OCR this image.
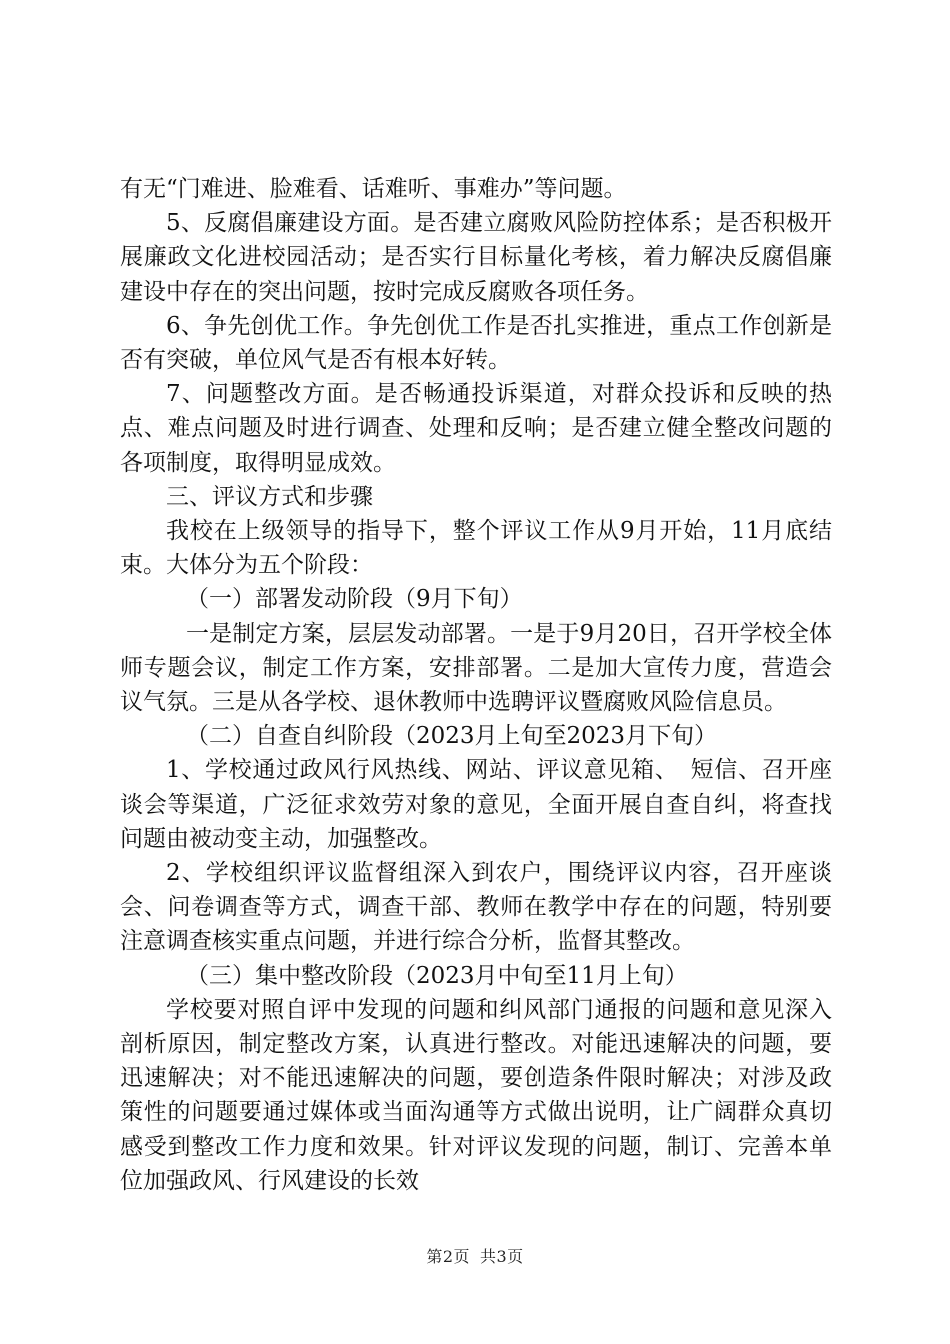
有无“门难进、脸难看、话难听、事难办”等问题。

5、反腐倡廉建设方面。是否建立腐败风险防控体系；是否积极开展廉政文化进校园活动；是否实行目标量化考核，着力解决反腐倡廉建设中存在的突出问题，按时完成反腐败各项任务。

6、争先创优工作。争先创优工作是否扎实推进，重点工作创新是否有突破，单位风气是否有根本好转。

7、问题整改方面。是否畅通投诉渠道，对群众投诉和反映的热点、难点问题及时进行调查、处理和反响；是否建立健全整改问题的各项制度，取得明显成效。

三、评议方式和步骤

我校在上级领导的指导下，整个评议工作从9月开始，11月底结束。大体分为五个阶段：

（一）部署发动阶段（9月下旬）

一是制定方案，层层发动部署。一是于9月20日，召开学校全体师专题会议，制定工作方案，安排部署。二是加大宣传力度，营造会议气氛。三是从各学校、退休教师中选聘评议暨腐败风险信息员。

（二）自查自纠阶段（2023月上旬至2023月下旬）

1、学校通过政风行风热线、网站、评议意见箱、　短信、召开座谈会等渠道，广泛征求效劳对象的意见，全面开展自查自纠，将查找问题由被动变主动，加强整改。

2、学校组织评议监督组深入到农户，围绕评议内容，召开座谈会、问卷调查等方式，调查干部、教师在教学中存在的问题，特别要注意调查核实重点问题，并进行综合分析，监督其整改。

（三）集中整改阶段（2023月中旬至11月上旬）

学校要对照自评中发现的问题和纠风部门通报的问题和意见深入剖析原因，制定整改方案，认真进行整改。对能迅速解决的问题，要迅速解决；对不能迅速解决的问题，要创造条件限时解决；对涉及政策性的问题要通过媒体或当面沟通等方式做出说明，让广阔群众真切感受到整改工作力度和效果。针对评议发现的问题，制订、完善本单位加强政风、行风建设的长效

第2页 共3页
